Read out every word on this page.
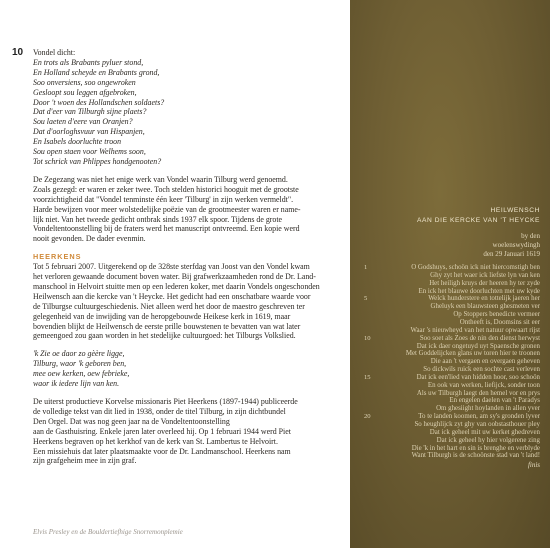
10 Vondel dicht:
En trots als Brabants pyluer stond,
En Holland scheyde en Brabants grond,
Soo onversiens, soo ongewroken
Gesloopt sou leggen afgebroken,
Door 't woen des Hollandschen soldaets?
Dat d'eer van Tilburgh sijne plaets?
Sou laeten d'eere van Oranjen?
Dat d'oorloghsvuur van Hispanjen,
En Isabels doorluchte troon
Sou open staen voor Welhems soon,
Tot schrick van Phlippes hondgenooten?
De Zegezang was niet het enige werk van Vondel waarin Tilburg werd genoemd.
Zoals gezegd: er waren er zeker twee. Toch stelden historici hooguit met de grootste
voorzichtigheid dat "Vondel tenminste één keer 'Tilburg' in zijn werken vermeldt".
Harde bewijzen voor meer wolstedelijke poëzie van de grootmeester waren er name-
lijk niet. Van het tweede gedicht ontbrak sinds 1937 elk spoor. Tijdens de grote
Vondeltentoonstelling bij de fraters werd het manuscript ontvreemd. Een kopie werd
nooit gevonden. De dader evenmin.
HEERKENS
Tot 5 februari 2007. Uitgerekend op de 328ste sterfdag van Joost van den Vondel kwam
het verloren gewaande document boven water. Bij grafwerkzaamheden rond de Dr. Land-
manschool in Helvoirt stuitte men op een lederen koker, met daarin Vondels ongeschonden
Heilwensch aan die kercke van 't Heycke. Het gedicht had een onschatbare waarde voor
de Tilburgse cultuurgeschiedenis. Niet alleen werd het door de maestro geschreven ter
gelegenheid van de inwijding van de heropgebouwde Heikese kerk in 1619, maar
bovendien blijkt de Heilwensch de eerste prille bouwstenen te bevatten van wat later
gemeengoed zou gaan worden in het stedelijke cultuurgoed: het Tilburgs Volkslied.
'k Zie oe daor zo gèère ligge,
Tilburg, waor 'k geboren ben,
mee oew kerken, oew febrieke,
waor ik iedere lijn van ken.
De uiterst productieve Korvelse missionaris Piet Heerkens (1897-1944) publiceerde
de volledige tekst van dit lied in 1938, onder de titel Tilburg, in zijn dichtbundel
Den Orgel. Dat was nog geen jaar na de Vondeltentoonstelling
aan de Gasthuisring. Enkele jaren later overleed hij. Op 1 februari 1944 werd Piet
Heerkens begraven op het kerkhof van de kerk van St. Lambertus te Helvoirt.
Een missiehuis dat later plaatsmaakte voor de Dr. Landmanschool. Heerkens nam
zijn grafgeheim mee in zijn graf.
Elvis Presley en de Bouldertiefhige Snorremonplemie
HEILWENSCH
AAN DIE KERCKE VAN 'T HEYCKE
by den
woelenswydingh
den 29 Januari 1619
1	O Godshuys, schoön ick niet hiercomstigh ben
Ghy zyt het waer ick liefste lyn van ken
Het heiligh kruys der heeren hy ter zyde
En ick het blauwe doorluchten met uw kyde
5	Welck hunderstere en tottelijk jaeren her
Gheluyk een blauwsteen ghesmeten ver
Op Stoppers benedicte vermeer
Ontheeft is, Doomsins sit eer
Waar 's nieuwheyd van het natuur opwaart rijst
10	Soo soet als Zoes de nin den dienst herwyst
Dat ick daer ongetuyd uyt Spaensche gronen
Met Goddelijcken glans uw toren hier te troonen
Die aan 't vergaen en overgaen geheven
So dickwils ruick een sochte cast verleven
15	Dat ick een'lied van hidden hoor, soo schoön
En ook van werken, liefijck, sonder toon
Als uw Tilburgh laegt den hemel vor en prys
En engelen daelen van 't Paradys
Om ghesiight hoylanden in allen yver
20	To te landen koomen, am sy's gronden lyver
So heughlijck zyt ghy van oobstasthouer pley
Dat ick geheel mit uw kerket ghedreven
Dat ick geheel hy hier volgerene zing
Die 'k in het hart en sin is brenghe en verblyde
Want Tilburgh is de schoönste stad van 't land!
finis
